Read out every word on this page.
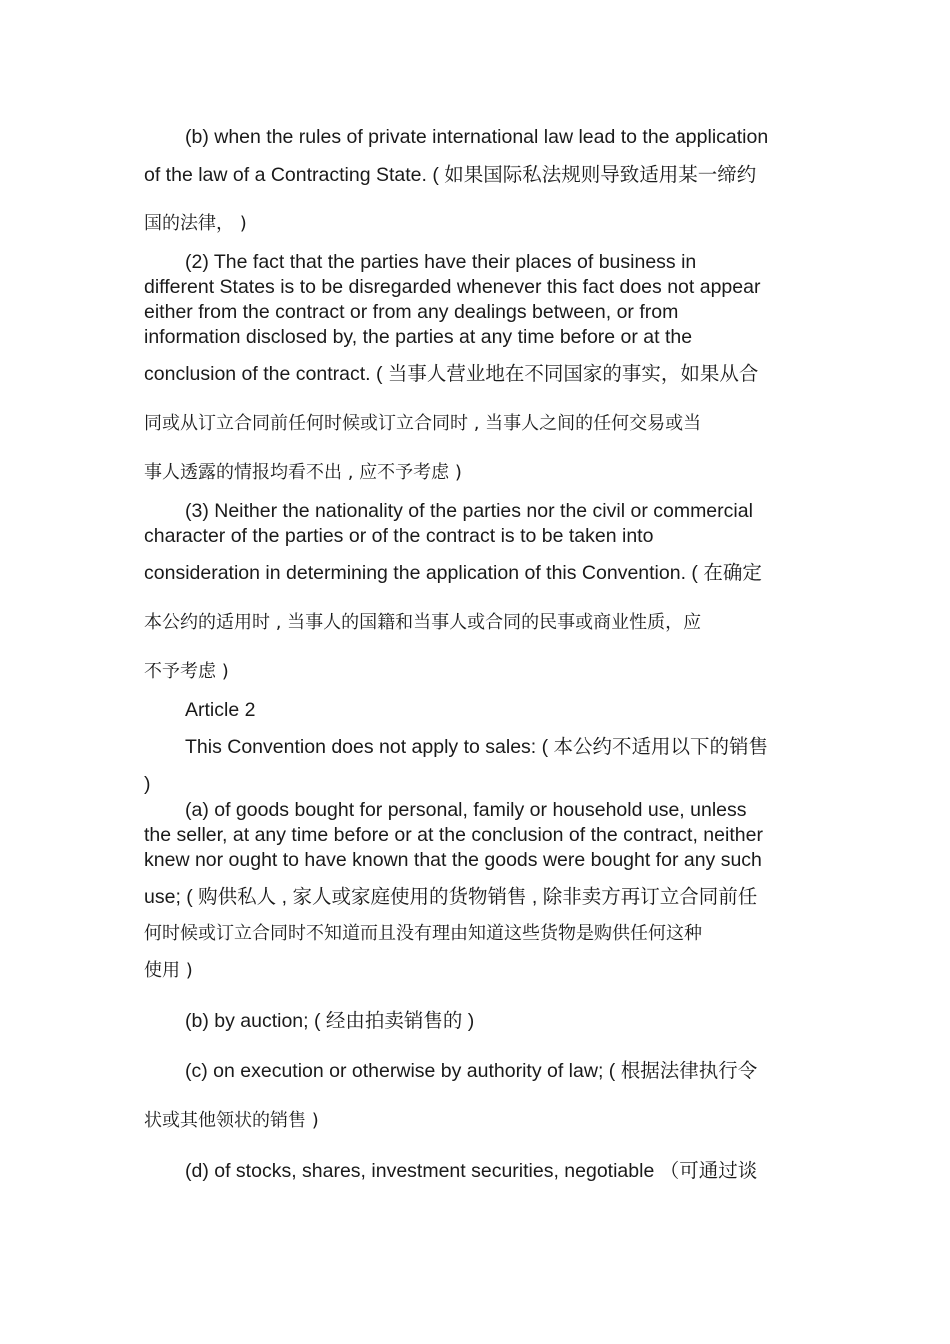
(b) when the rules of private international law lead to the application
of the law of a Contracting State. ( 如果国际私法规则导致适用某一缔约
国的法律， )
(2) The fact that the parties have their places of business in
different States is to be disregarded whenever this fact does not appear
either from the contract or from any dealings between, or from
information disclosed by, the parties at any time before or at the
conclusion of the contract. ( 当事人营业地在不同国家的事实，如果从合
同或从订立合同前任何时候或订立合同时 , 当事人之间的任何交易或当
事人透露的情报均看不出 , 应不予考虑 )
(3) Neither the nationality of the parties nor the civil or commercial
character of the parties or of the contract is to be taken into
consideration in determining the application of this Convention. ( 在确定
本公约的适用时 , 当事人的国籍和当事人或合同的民事或商业性质，应
不予考虑 )
Article 2
This Convention does not apply to sales: ( 本公约不适用以下的销售
)
(a) of goods bought for personal, family or household use, unless
the seller, at any time before or at the conclusion of the contract, neither
knew nor ought to have known that the goods were bought for any such
use; ( 购供私人 , 家人或家庭使用的货物销售 , 除非卖方再订立合同前任
何时候或订立合同时不知道而且没有理由知道这些货物是购供任何这种
使用 )
(b) by auction; ( 经由拍卖销售的 )
(c) on execution or otherwise by authority of law; ( 根据法律执行令
状或其他领状的销售 )
(d) of stocks, shares, investment securities, negotiable （可通过谈
